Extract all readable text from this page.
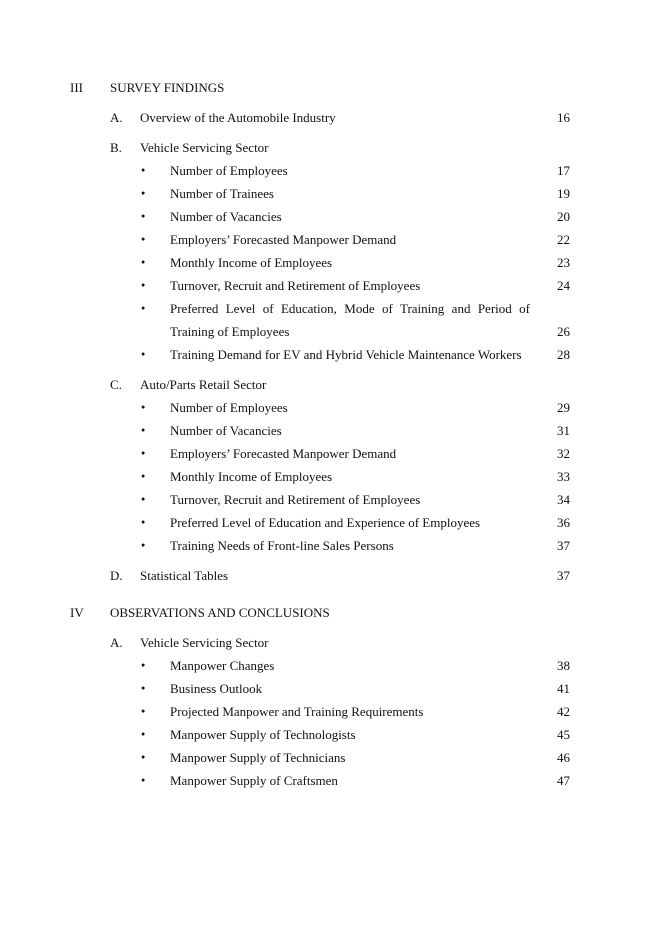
III SURVEY FINDINGS
A. Overview of the Automobile Industry	16
B. Vehicle Servicing Sector
● Number of Employees	17
● Number of Trainees	19
● Number of Vacancies	20
● Employers’ Forecasted Manpower Demand	22
● Monthly Income of Employees	23
● Turnover, Recruit and Retirement of Employees	24
● Preferred Level of Education, Mode of Training and Period of
Training of Employees	26
● Training Demand for EV and Hybrid Vehicle Maintenance Workers	28
C. Auto/Parts Retail Sector
● Number of Employees	29
● Number of Vacancies	31
● Employers’ Forecasted Manpower Demand	32
● Monthly Income of Employees	33
● Turnover, Recruit and Retirement of Employees	34
● Preferred Level of Education and Experience of Employees	36
● Training Needs of Front-line Sales Persons	37
D. Statistical Tables	37
IV OBSERVATIONS AND CONCLUSIONS
A. Vehicle Servicing Sector
● Manpower Changes	38
● Business Outlook	41
● Projected Manpower and Training Requirements	42
● Manpower Supply of Technologists	45
● Manpower Supply of Technicians	46
● Manpower Supply of Craftsmen	47
